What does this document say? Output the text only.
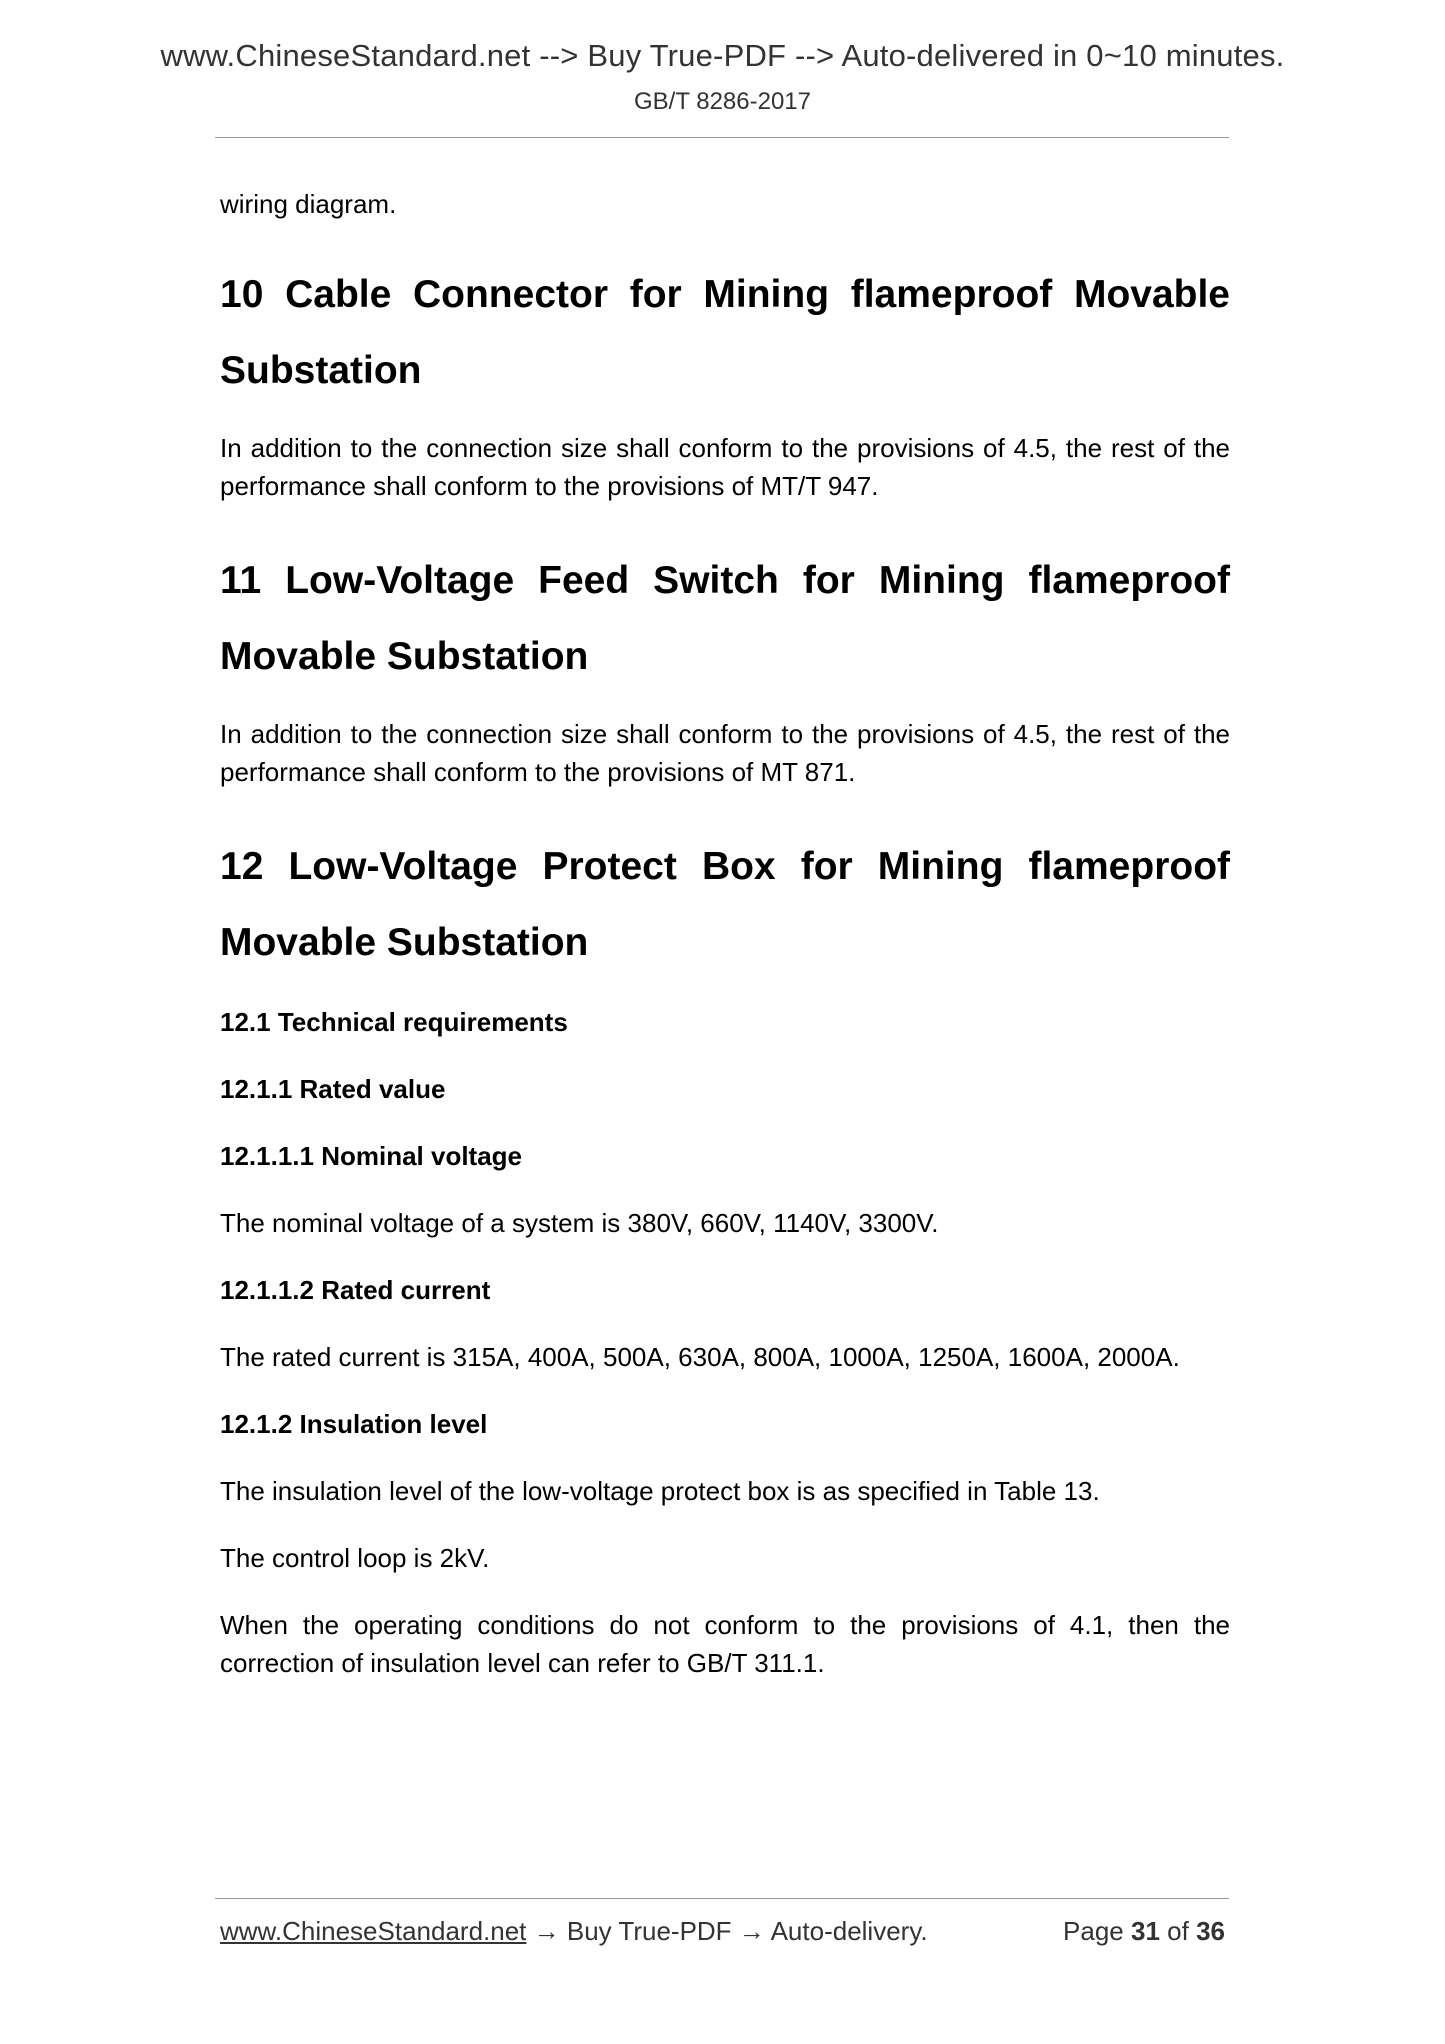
www.ChineseStandard.net --> Buy True-PDF --> Auto-delivered in 0~10 minutes.
GB/T 8286-2017

wiring diagram.

10 Cable Connector for Mining flameproof Movable
Substation

In addition to the connection size shall conform to the provisions of 4.5, the rest of the performance shall conform to the provisions of MT/T 947.

11 Low-Voltage Feed Switch for Mining flameproof
Movable Substation

In addition to the connection size shall conform to the provisions of 4.5, the rest of the performance shall conform to the provisions of MT 871.

12 Low-Voltage Protect Box for Mining flameproof
Movable Substation

12.1 Technical requirements

12.1.1 Rated value

12.1.1.1 Nominal voltage

The nominal voltage of a system is 380V, 660V, 1140V, 3300V.

12.1.1.2 Rated current

The rated current is 315A, 400A, 500A, 630A, 800A, 1000A, 1250A, 1600A, 2000A.

12.1.2 Insulation level

The insulation level of the low-voltage protect box is as specified in Table 13.

The control loop is 2kV.

When the operating conditions do not conform to the provisions of 4.1, then the correction of insulation level can refer to GB/T 311.1.

www.ChineseStandard.net → Buy True-PDF → Auto-delivery.	Page 31 of 36
